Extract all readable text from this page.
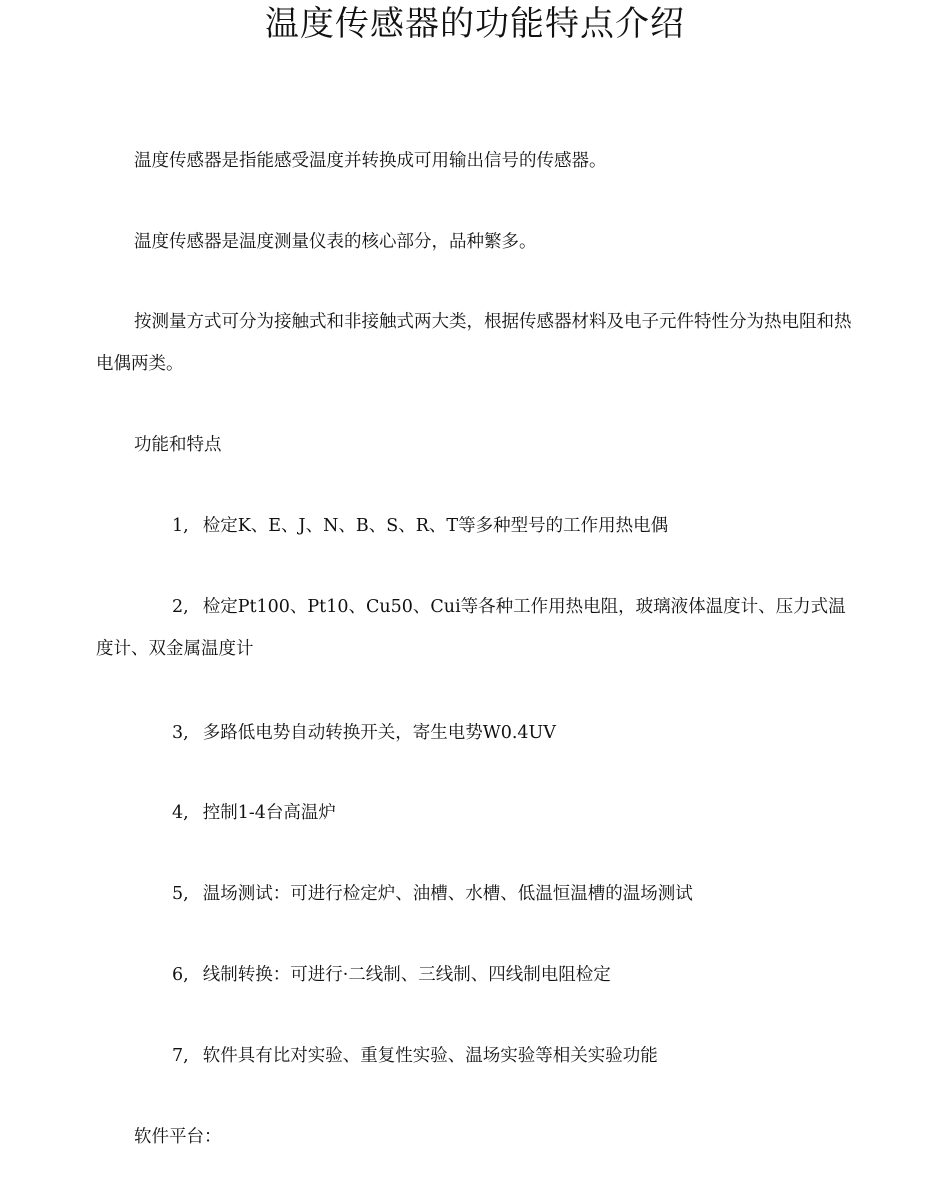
温度传感器的功能特点介绍

温度传感器是指能感受温度并转换成可用输出信号的传感器。

温度传感器是温度测量仪表的核心部分，品种繁多。

按测量方式可分为接触式和非接触式两大类，根据传感器材料及电子元件特性分为热电阻和热电偶两类。

功能和特点

1, 检定K、E、J、N、B、S、R、T等多种型号的工作用热电偶

2, 检定Pt100、Pt10、Cu50、Cui等各种工作用热电阻，玻璃液体温度计、压力式温度计、双金属温度计

3, 多路低电势自动转换开关，寄生电势W0.4UV

4, 控制1-4台高温炉

5, 温场测试：可进行检定炉、油槽、水槽、低温恒温槽的温场测试

6, 线制转换：可进行·二线制、三线制、四线制电阻检定

7, 软件具有比对实验、重复性实验、温场实验等相关实验功能

软件平台：
